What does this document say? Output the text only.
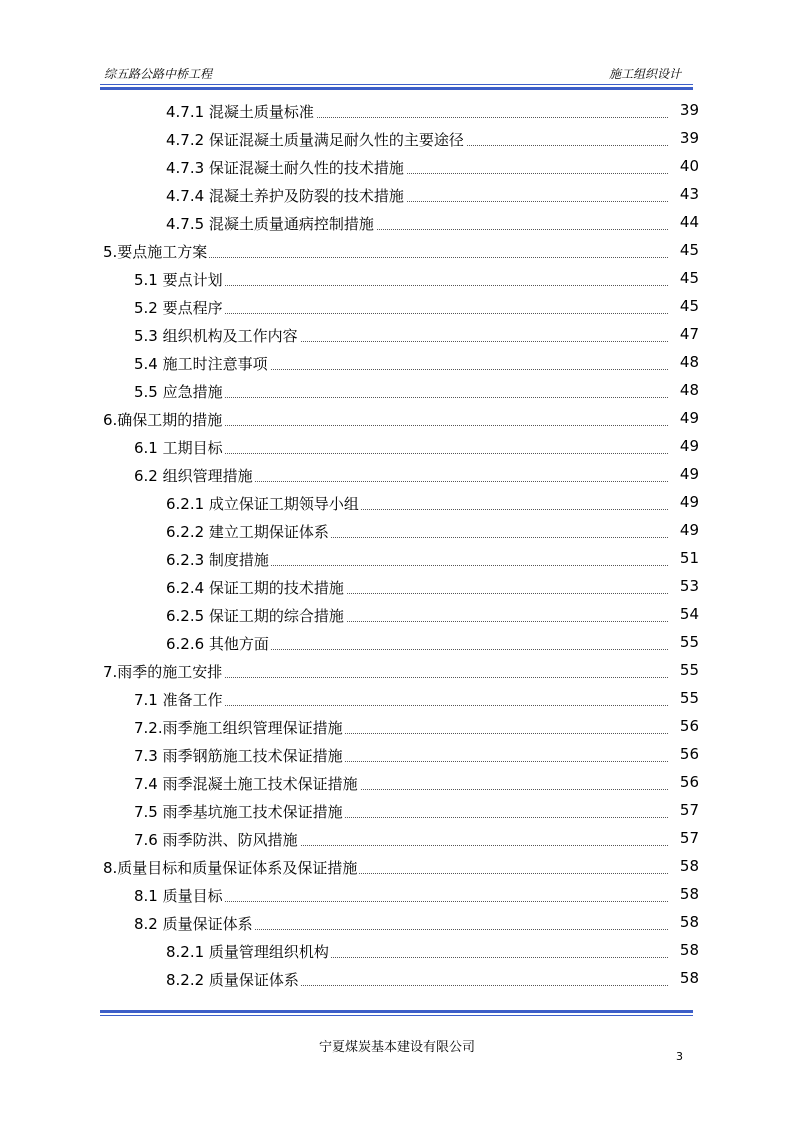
综五路公路中桥工程	施工组织设计
4.7.1 混凝土质量标准	39
4.7.2 保证混凝土质量满足耐久性的主要途径	39
4.7.3 保证混凝土耐久性的技术措施	40
4.7.4 混凝土养护及防裂的技术措施	43
4.7.5 混凝土质量通病控制措施	44
5.要点施工方案	45
5.1 要点计划	45
5.2 要点程序	45
5.3 组织机构及工作内容	47
5.4 施工时注意事项	48
5.5 应急措施	48
6.确保工期的措施	49
6.1 工期目标	49
6.2 组织管理措施	49
6.2.1 成立保证工期领导小组	49
6.2.2 建立工期保证体系	49
6.2.3 制度措施	51
6.2.4 保证工期的技术措施	53
6.2.5 保证工期的综合措施	54
6.2.6 其他方面	55
7.雨季的施工安排	55
7.1 准备工作	55
7.2.雨季施工组织管理保证措施	56
7.3 雨季钢筋施工技术保证措施	56
7.4 雨季混凝土施工技术保证措施	56
7.5 雨季基坑施工技术保证措施	57
7.6 雨季防洪、防风措施	57
8.质量目标和质量保证体系及保证措施	58
8.1 质量目标	58
8.2 质量保证体系	58
8.2.1 质量管理组织机构	58
8.2.2 质量保证体系	58
宁夏煤炭基本建设有限公司
3
